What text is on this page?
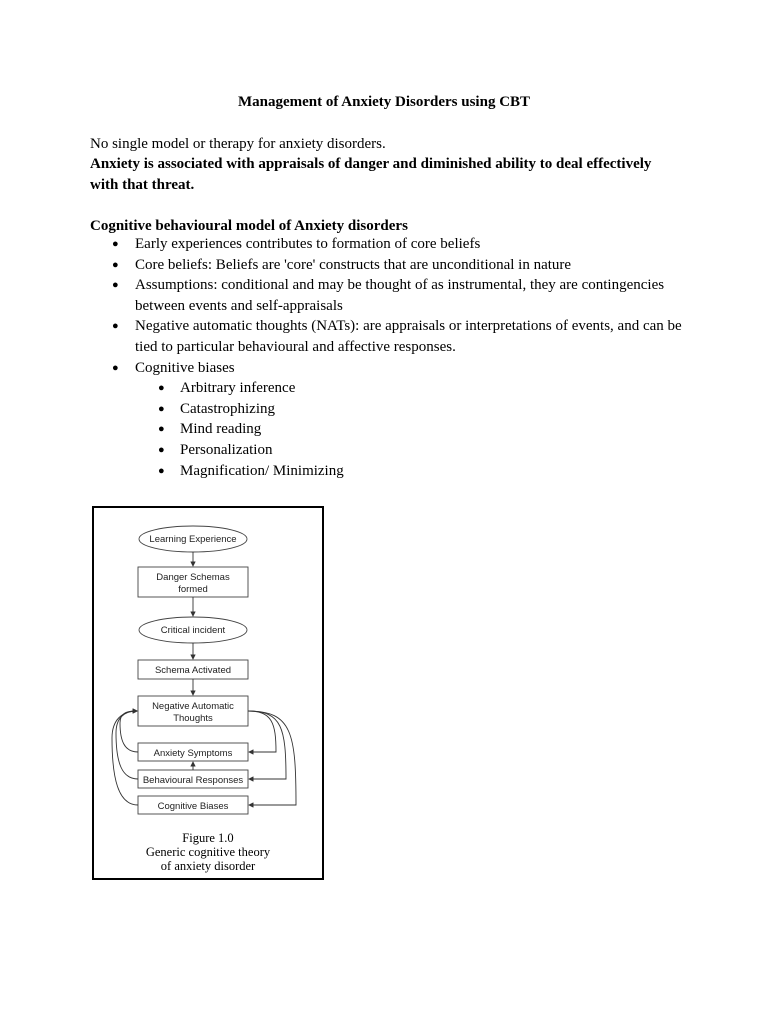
Management of Anxiety Disorders using CBT
No single model or therapy for anxiety disorders.
Anxiety is associated with appraisals of danger and diminished ability to deal effectively
with that threat.
Cognitive behavioural model of Anxiety disorders
● Early experiences contributes to formation of core beliefs
● Core beliefs: Beliefs are 'core' constructs that are unconditional in nature
● Assumptions: conditional and may be thought of as instrumental, they are contingencies between events and self-appraisals
● Negative automatic thoughts (NATs): are appraisals or interpretations of events, and can be tied to particular behavioural and affective responses.
● Cognitive biases
● Arbitrary inference
● Catastrophizing
● Mind reading
● Personalization
● Magnification/ Minimizing
Learning Experience
Danger Schemas
formed
Critical incident
Schema Activated
Negative Automatic
Thoughts
Anxiety Symptoms
Behavioural Responses
Cognitive Biases
Figure 1.0
Generic cognitive theory
of anxiety disorder
